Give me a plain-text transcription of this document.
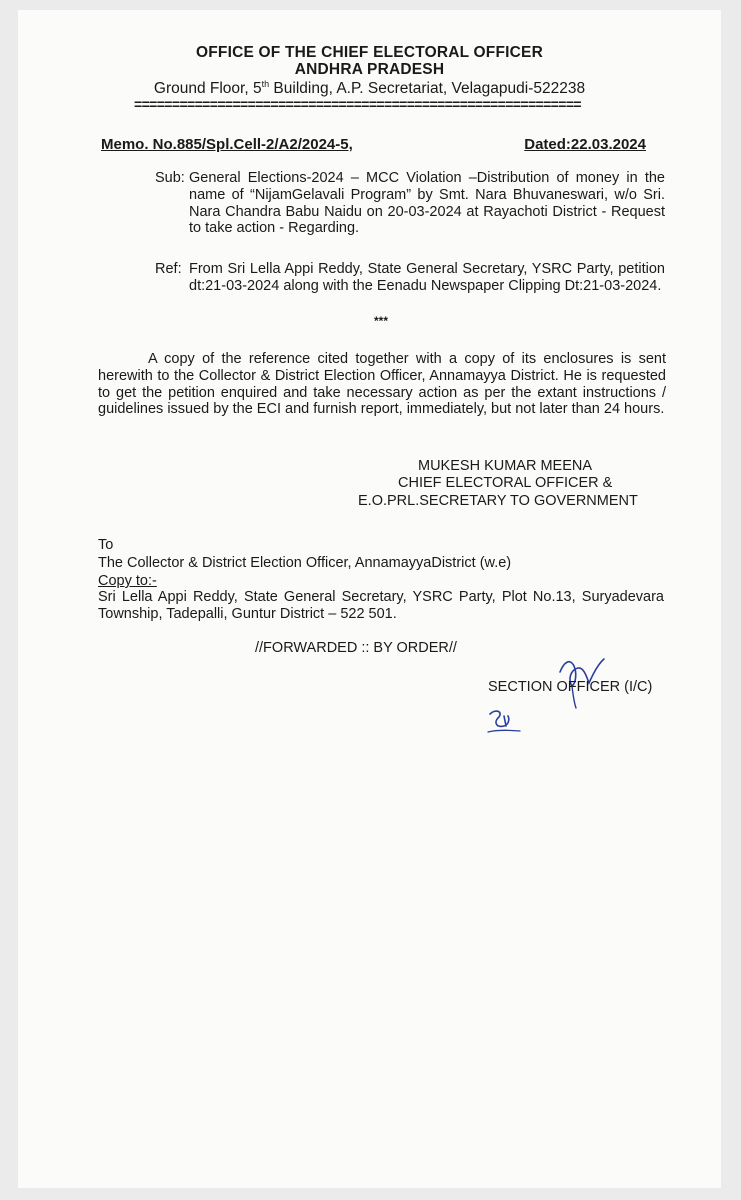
OFFICE OF THE CHIEF ELECTORAL OFFICER
ANDHRA PRADESH
Ground Floor, 5th Building, A.P. Secretariat, Velagapudi-522238
===========================================================
Memo. No.885/Spl.Cell-2/A2/2024-5,	Dated:22.03.2024
Sub: General Elections-2024 – MCC Violation –Distribution of money in the name of “NijamGelavali Program” by Smt. Nara Bhuvaneswari, w/o Sri. Nara Chandra Babu Naidu on 20-03-2024 at Rayachoti District - Request to take action - Regarding.
Ref: From Sri Lella Appi Reddy, State General Secretary, YSRC Party, petition dt:21-03-2024 along with the Eenadu Newspaper Clipping Dt:21-03-2024.
***
A copy of the reference cited together with a copy of its enclosures is sent herewith to the Collector & District Election Officer, Annamayya District. He is requested to get the petition enquired and take necessary action as per the extant instructions / guidelines issued by the ECI and furnish report, immediately, but not later than 24 hours.
MUKESH KUMAR MEENA
CHIEF ELECTORAL OFFICER &
E.O.PRL.SECRETARY TO GOVERNMENT
To
The Collector & District Election Officer, AnnamayyaDistrict (w.e)
Copy to:-
Sri Lella Appi Reddy, State General Secretary, YSRC Party, Plot No.13, Suryadevara Township, Tadepalli, Guntur District – 522 501.
//FORWARDED :: BY ORDER//
SECTION OFFICER (I/C)
